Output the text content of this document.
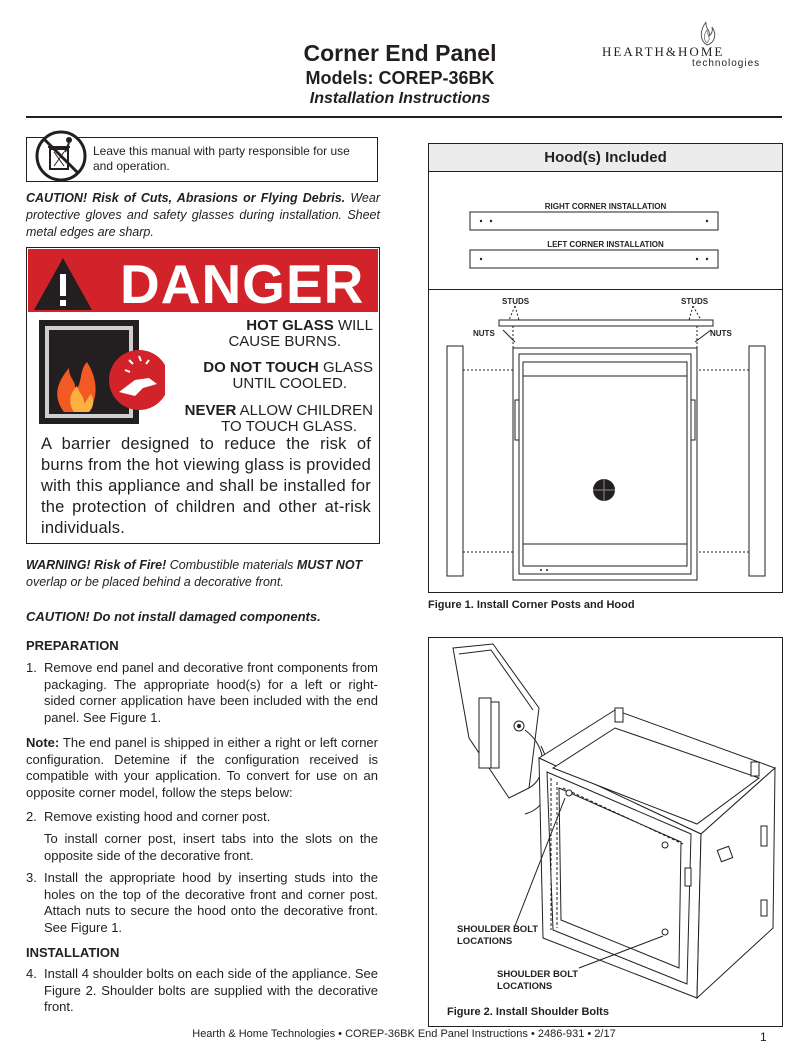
Corner End Panel
Models: COREP-36BK
Installation Instructions
HEARTH&HOME
technologies
Leave this manual with party responsible for use and operation.
CAUTION! Risk of Cuts, Abrasions or Flying Debris. Wear protective gloves and safety glasses during installation. Sheet metal edges are sharp.
DANGER
HOT GLASS WILL
CAUSE BURNS.
DO NOT TOUCH GLASS
UNTIL COOLED.
NEVER ALLOW CHILDREN
TO TOUCH GLASS.
A barrier designed to reduce the risk of burns from the hot viewing glass is provided with this appliance and shall be installed for the protection of children and other at-risk individuals.
WARNING! Risk of Fire! Combustible materials MUST NOT overlap or be placed behind a decorative front.
CAUTION! Do not install damaged components.
PREPARATION
1. Remove end panel and decorative front components from packaging. The appropriate hood(s) for a left or right-sided corner application have been included with the end panel. See Figure 1.
Note: The end panel is shipped in either a right or left corner configuration. Detemine if the configuration received is compatible with your application. To convert for use on an opposite corner model, follow the steps below:
2. Remove existing hood and corner post.
To install corner post, insert tabs into the slots on the opposite side of the decorative front.
3. Install the appropriate hood by inserting studs into the holes on the top of the decorative front and corner post. Attach nuts to secure the hood onto the decorative front. See Figure 1.
INSTALLATION
4. Install 4 shoulder bolts on each side of the appliance. See Figure 2. Shoulder bolts are supplied with the decorative front.
Hood(s) Included
RIGHT CORNER INSTALLATION
LEFT CORNER INSTALLATION
STUDS	STUDS
NUTS	NUTS
Figure 1. Install Corner Posts and Hood
SHOULDER BOLT LOCATIONS
SHOULDER BOLT LOCATIONS
Figure 2. Install Shoulder Bolts
Hearth & Home Technologies • COREP-36BK End Panel Instructions • 2486-931 • 2/17	1
